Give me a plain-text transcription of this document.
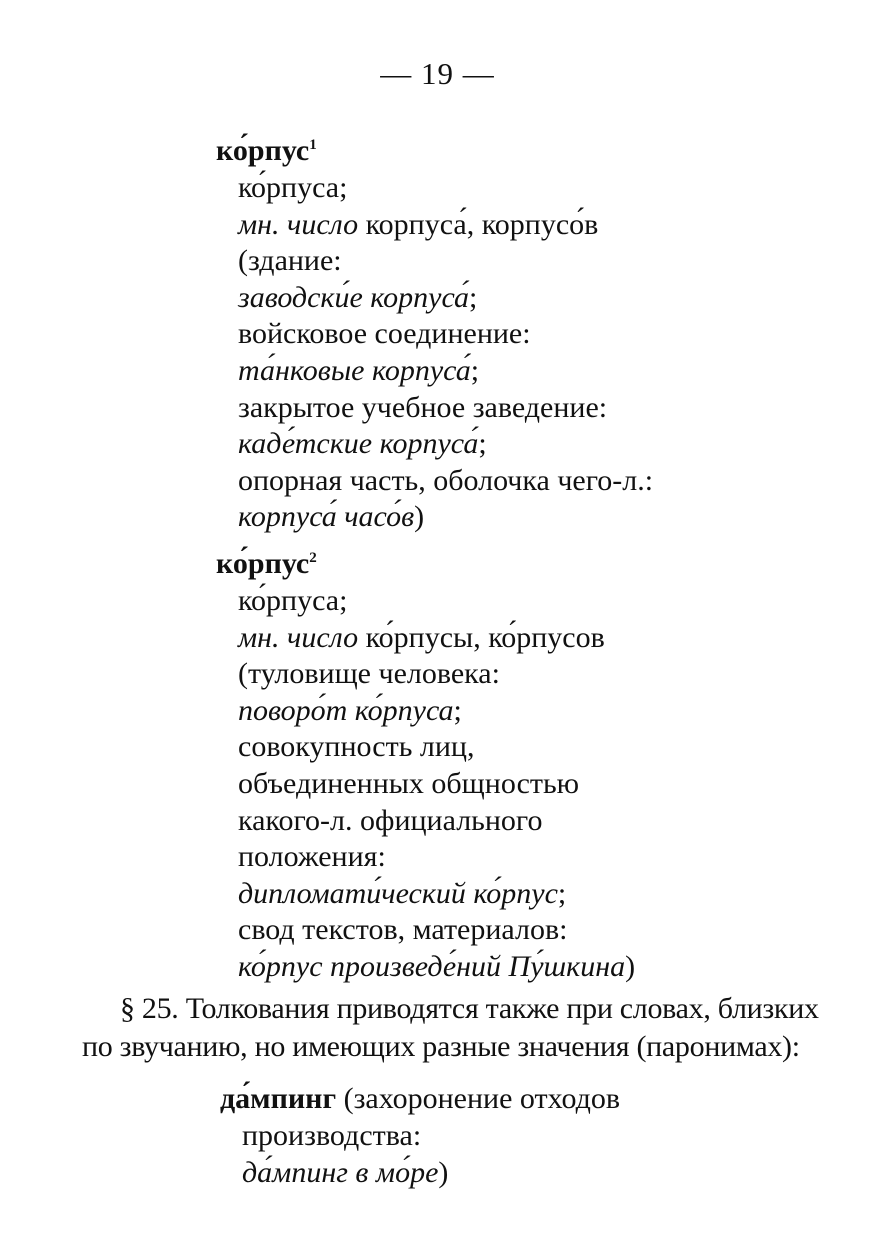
— 19 —
ко́рпус$^1$
ко́рпуса;
мн. число корпуса́, корпусо́в
(здание:
заводски́е корпуса́;
войсковое соединение:
та́нковые корпуса́;
закрытое учебное заведение:
каде́тские корпуса́;
опорная часть, оболочка чего-л.:
корпуса́ часо́в)
ко́рпус$^2$
ко́рпуса;
мн. число ко́рпусы, ко́рпусов
(туловище человека:
поворо́т ко́рпуса;
совокупность лиц,
объединенных общностью
какого-л. официального
положения:
дипломати́ческий ко́рпус;
свод текстов, материалов:
ко́рпус произведе́ний Пу́шкина)
§ 25. Толкования приводятся также при словах, близких
по звучанию, но имеющих разные значения (паронимах):
да́мпинг (захоронение отходов
производства:
да́мпинг в мо́ре)
